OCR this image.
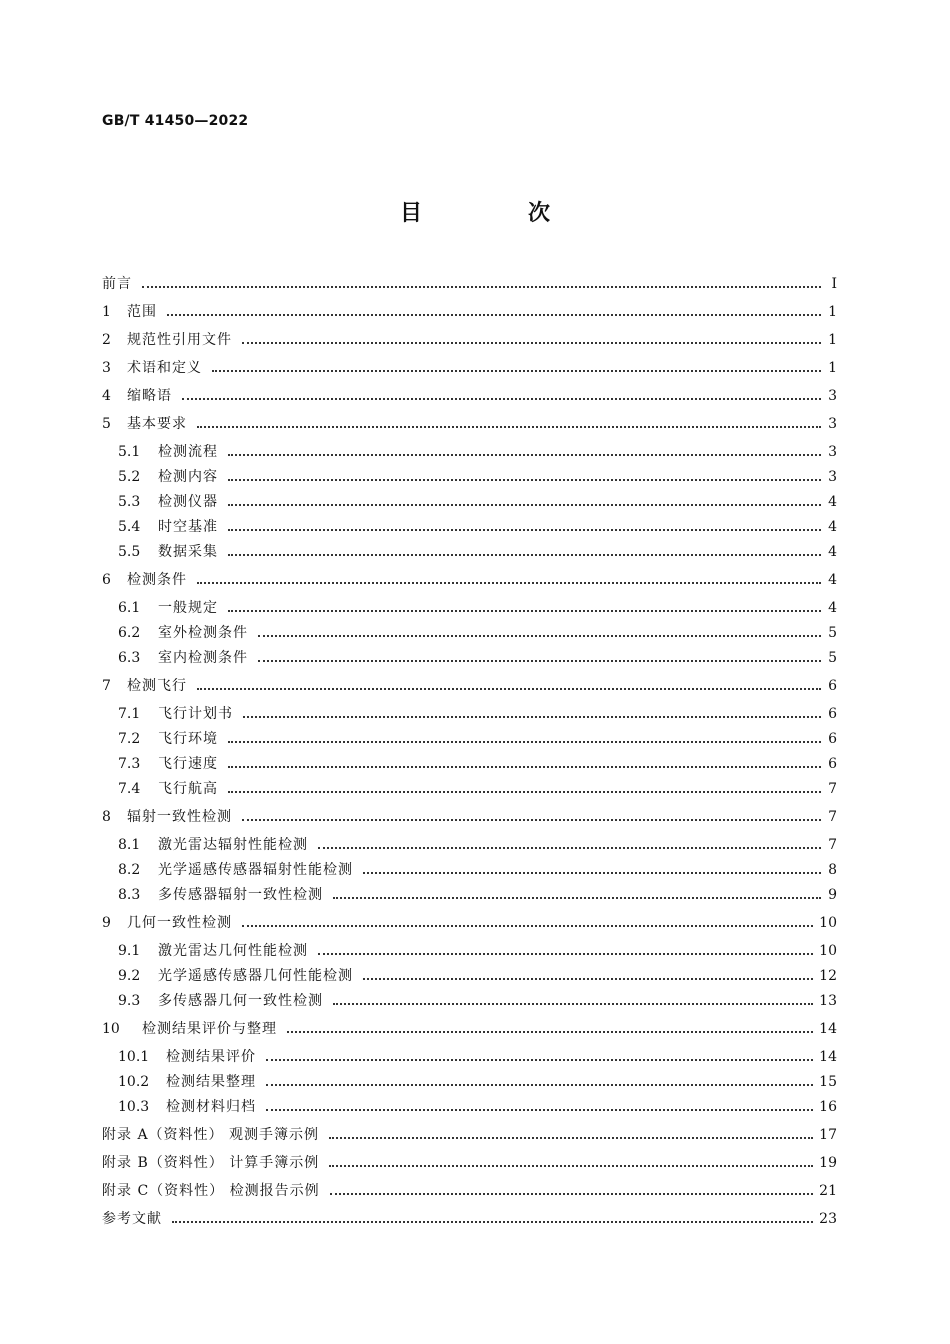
GB/T 41450—2022
目　次
前言	Ⅰ
1	范围	1
2	规范性引用文件	1
3	术语和定义	1
4	缩略语	3
5	基本要求	3
5.1	检测流程	3
5.2	检测内容	3
5.3	检测仪器	4
5.4	时空基准	4
5.5	数据采集	4
6	检测条件	4
6.1	一般规定	4
6.2	室外检测条件	5
6.3	室内检测条件	5
7	检测飞行	6
7.1	飞行计划书	6
7.2	飞行环境	6
7.3	飞行速度	6
7.4	飞行航高	7
8	辐射一致性检测	7
8.1	激光雷达辐射性能检测	7
8.2	光学遥感传感器辐射性能检测	8
8.3	多传感器辐射一致性检测	9
9	几何一致性检测	10
9.1	激光雷达几何性能检测	10
9.2	光学遥感传感器几何性能检测	12
9.3	多传感器几何一致性检测	13
10	检测结果评价与整理	14
10.1	检测结果评价	14
10.2	检测结果整理	15
10.3	检测材料归档	16
附录 A（资料性） 观测手簿示例	17
附录 B（资料性） 计算手簿示例	19
附录 C（资料性） 检测报告示例	21
参考文献	23
